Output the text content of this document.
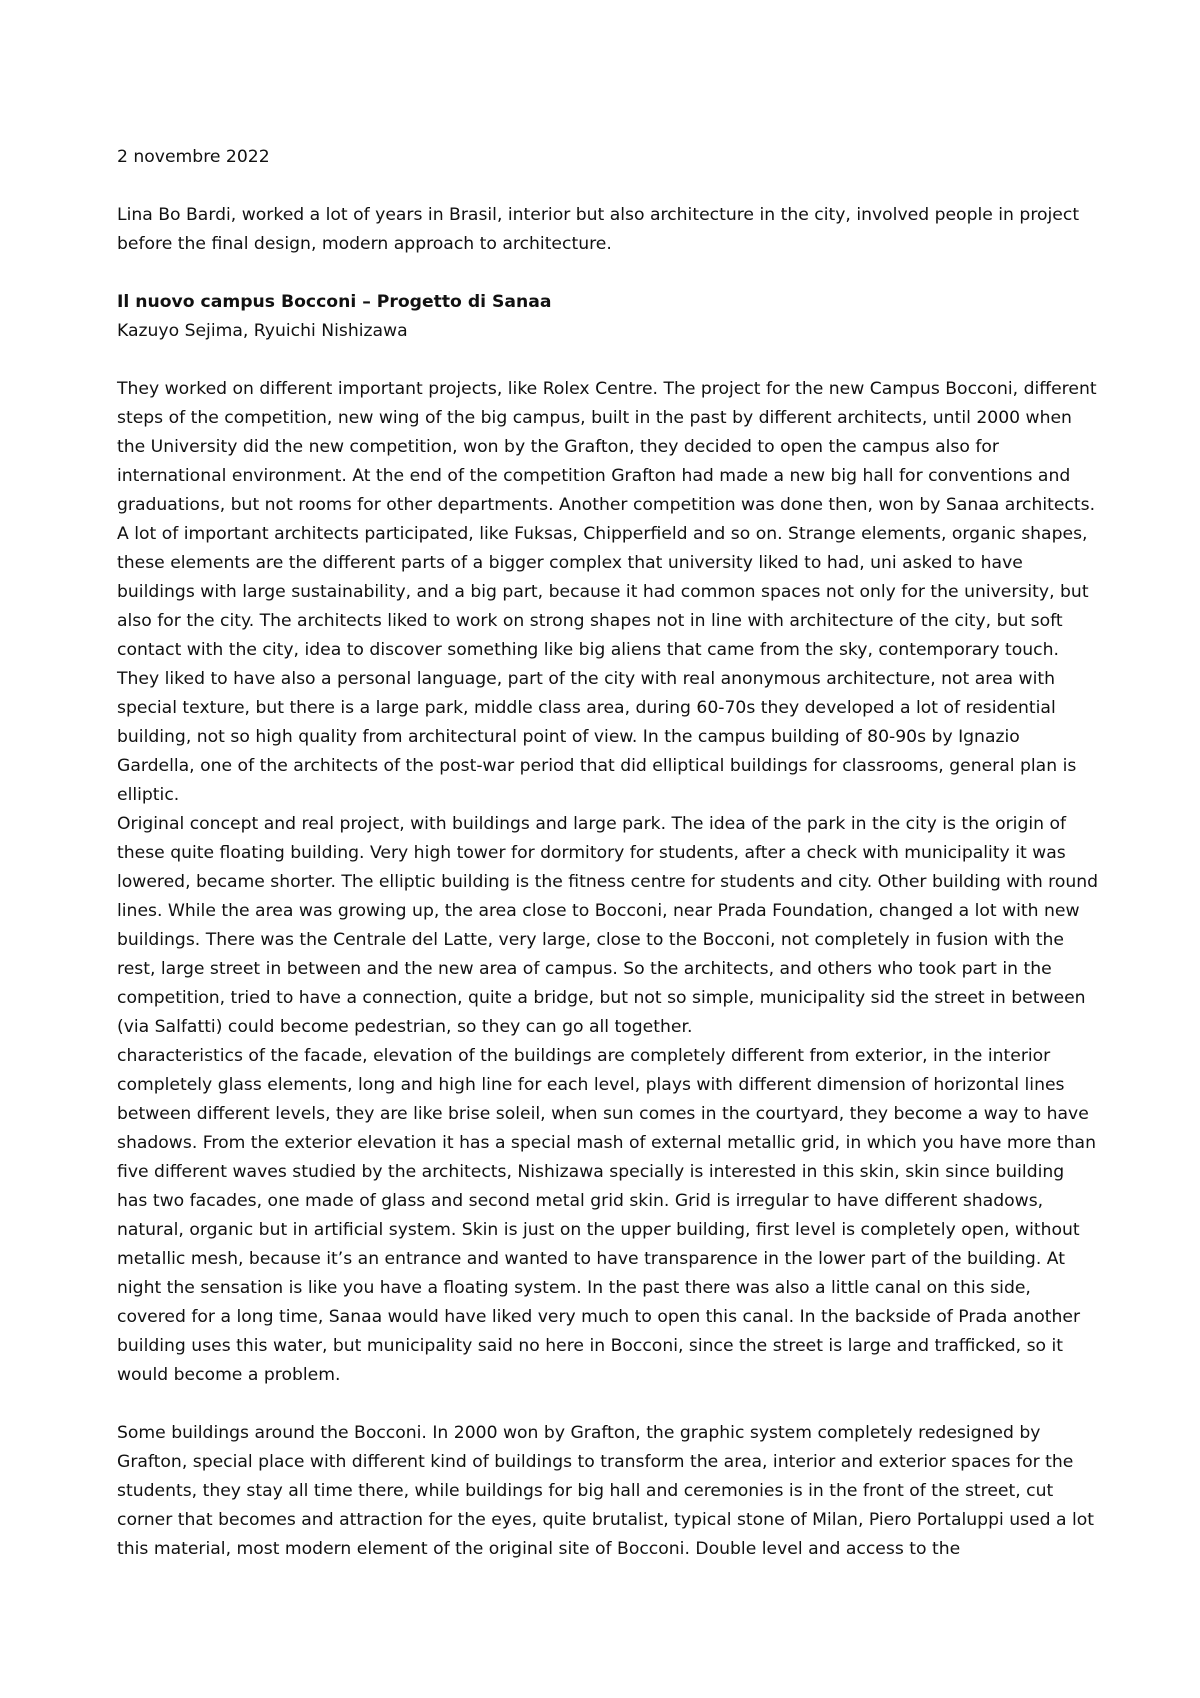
2 novembre 2022

Lina Bo Bardi, worked a lot of years in Brasil, interior but also architecture in the city, involved people in project before the final design, modern approach to architecture.

Il nuovo campus Bocconi – Progetto di Sanaa

Kazuyo Sejima, Ryuichi Nishizawa

They worked on different important projects, like Rolex Centre. The project for the new Campus Bocconi, different steps of the competition, new wing of the big campus, built in the past by different architects, until 2000 when the University did the new competition, won by the Grafton, they decided to open the campus also for international environment. At the end of the competition Grafton had made a new big hall for conventions and graduations, but not rooms for other departments. Another competition was done then, won by Sanaa architects. A lot of important architects participated, like Fuksas, Chipperfield and so on. Strange elements, organic shapes, these elements are the different parts of a bigger complex that university liked to had, uni asked to have buildings with large sustainability, and a big part, because it had common spaces not only for the university, but also for the city. The architects liked to work on strong shapes not in line with architecture of the city, but soft contact with the city, idea to discover something like big aliens that came from the sky, contemporary touch. They liked to have also a personal language, part of the city with real anonymous architecture, not area with special texture, but there is a large park, middle class area, during 60-70s they developed a lot of residential building, not so high quality from architectural point of view. In the campus building of 80-90s by Ignazio Gardella, one of the architects of the post-war period that did elliptical buildings for classrooms, general plan is elliptic.

Original concept and real project, with buildings and large park. The idea of the park in the city is the origin of these quite floating building. Very high tower for dormitory for students, after a check with municipality it was lowered, became shorter. The elliptic building is the fitness centre for students and city. Other building with round lines. While the area was growing up, the area close to Bocconi, near Prada Foundation, changed a lot with new buildings. There was the Centrale del Latte, very large, close to the Bocconi, not completely in fusion with the rest, large street in between and the new area of campus. So the architects, and others who took part in the competition, tried to have a connection, quite a bridge, but not so simple, municipality sid the street in between (via Salfatti) could become pedestrian, so they can go all together.

characteristics of the facade, elevation of the buildings are completely different from exterior, in the interior completely glass elements, long and high line for each level, plays with different dimension of horizontal lines between different levels, they are like brise soleil, when sun comes in the courtyard, they become a way to have shadows. From the exterior elevation it has a special mash of external metallic grid, in which you have more than five different waves studied by the architects, Nishizawa specially is interested in this skin, skin since building has two facades, one made of glass and second metal grid skin. Grid is irregular to have different shadows, natural, organic but in artificial system. Skin is just on the upper building, first level is completely open, without metallic mesh, because it’s an entrance and wanted to have transparence in the lower part of the building. At night the sensation is like you have a floating system. In the past there was also a little canal on this side, covered for a long time, Sanaa would have liked very much to open this canal. In the backside of Prada another building uses this water, but municipality said no here in Bocconi, since the street is large and trafficked, so it would become a problem.

Some buildings around the Bocconi. In 2000 won by Grafton, the graphic system completely redesigned by Grafton, special place with different kind of buildings to transform the area, interior and exterior spaces for the students, they stay all time there, while buildings for big hall and ceremonies is in the front of the street, cut corner that becomes and attraction for the eyes, quite brutalist, typical stone of Milan, Piero Portaluppi used a lot this material, most modern element of the original site of Bocconi. Double level and access to the
